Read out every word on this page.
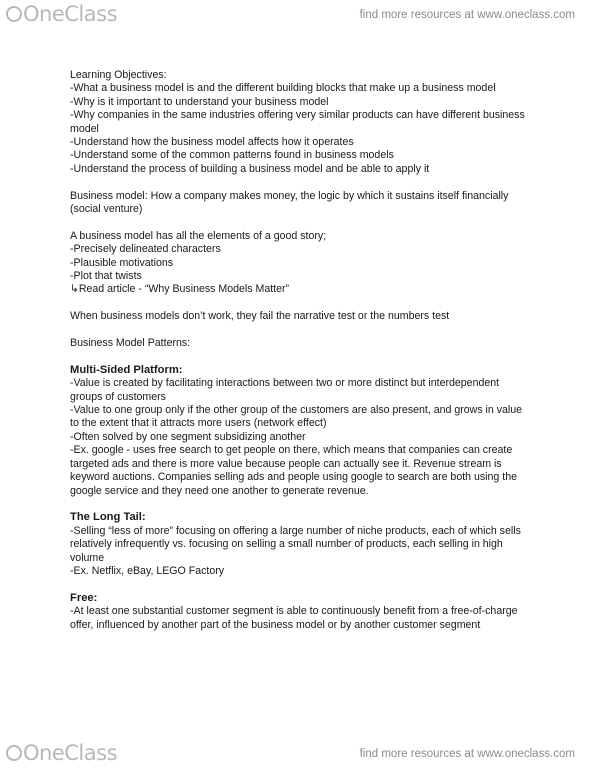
OneClass	find more resources at www.oneclass.com

Learning Objectives:

-What a business model is and the different building blocks that make up a business model

-Why is it important to understand your business model

-Why companies in the same industries offering very similar products can have different business model

-Understand how the business model affects how it operates

-Understand some of the common patterns found in business models

-Understand the process of building a business model and be able to apply it

Business model: How a company makes money, the logic by which it sustains itself financially (social venture)

A business model has all the elements of a good story;

-Precisely delineated characters

-Plausible motivations

-Plot that twists

↳Read article - “Why Business Models Matter”

When business models don’t work, they fail the narrative test or the numbers test

Business Model Patterns:

Multi-Sided Platform:

-Value is created by facilitating interactions between two or more distinct but interdependent groups of customers

-Value to one group only if the other group of the customers are also present, and grows in value to the extent that it attracts more users (network effect)

-Often solved by one segment subsidizing another

-Ex. google - uses free search to get people on there, which means that companies can create targeted ads and there is more value because people can actually see it. Revenue stream is keyword auctions. Companies selling ads and people using google to search are both using the google service and they need one another to generate revenue.

The Long Tail:

-Selling “less of more” focusing on offering a large number of niche products, each of which sells relatively infrequently vs. focusing on selling a small number of products, each selling in high volume

-Ex. Netflix, eBay, LEGO Factory

Free:

-At least one substantial customer segment is able to continuously benefit from a free-of-charge offer, influenced by another part of the business model or by another customer segment

OneClass	find more resources at www.oneclass.com
